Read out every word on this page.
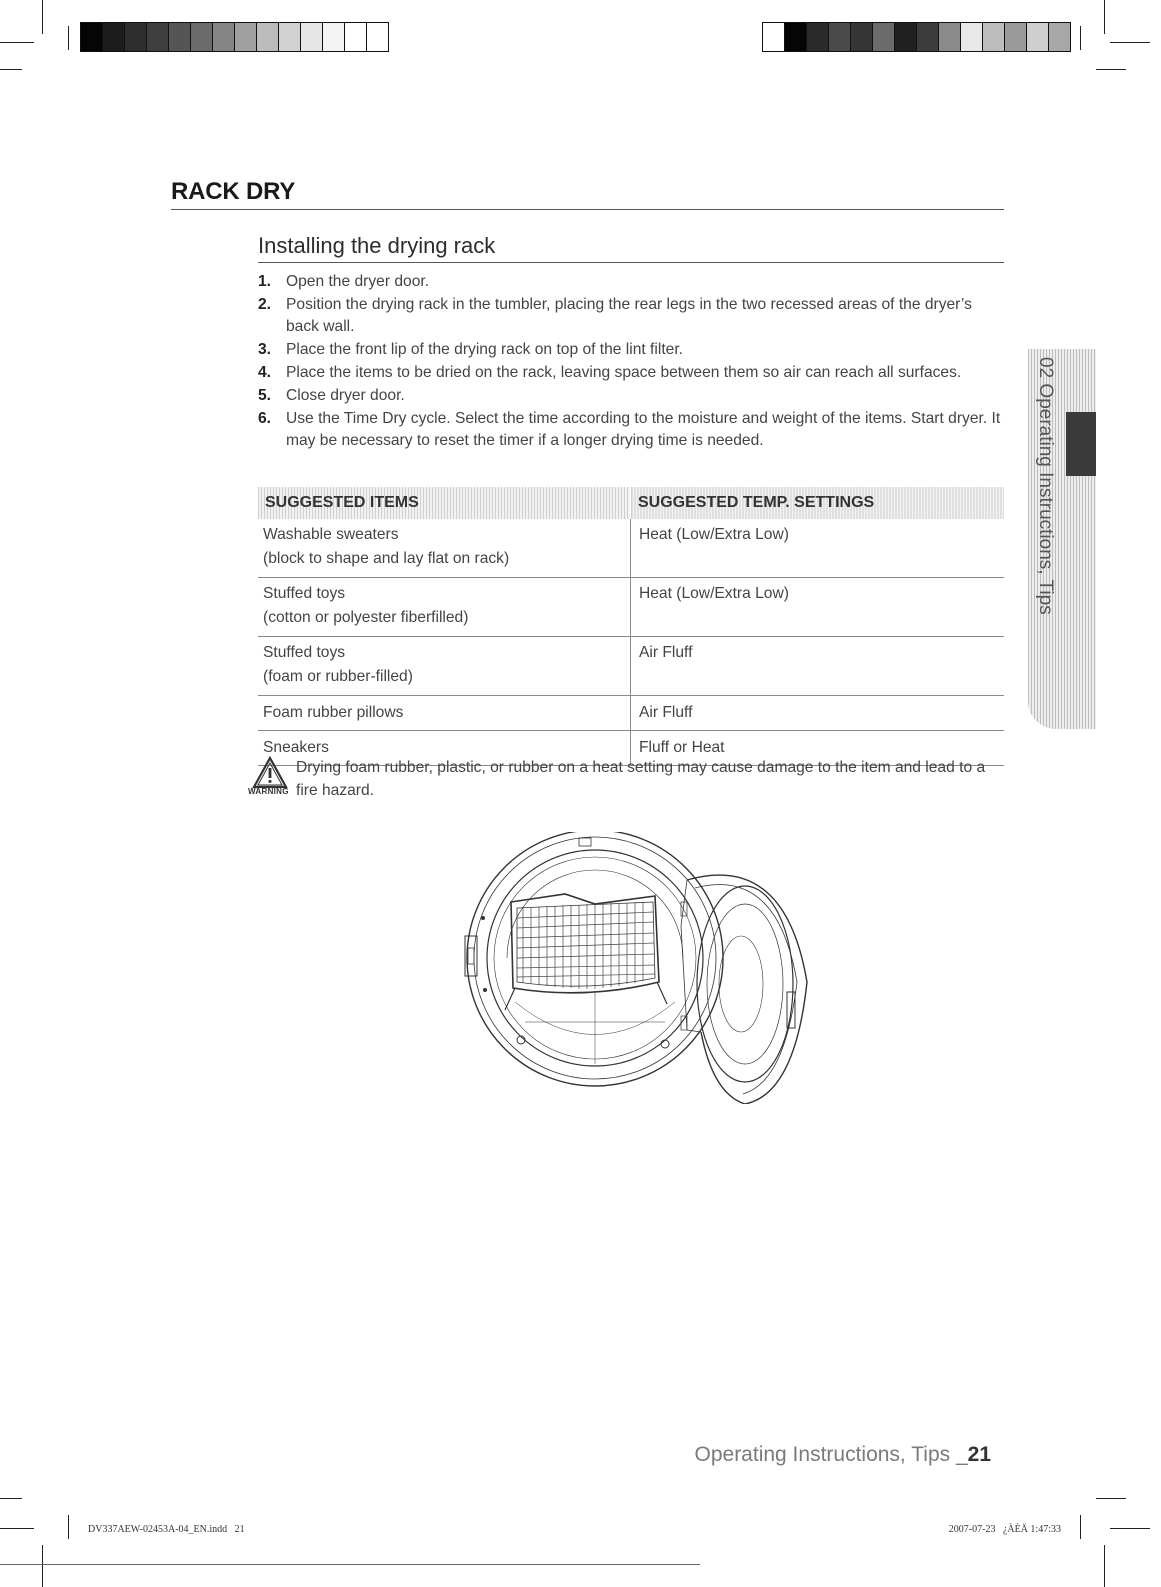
RACK DRY
Installing the drying rack
1. Open the dryer door.
2. Position the drying rack in the tumbler, placing the rear legs in the two recessed areas of the dryer’s back wall.
3. Place the front lip of the drying rack on top of the lint filter.
4. Place the items to be dried on the rack, leaving space between them so air can reach all surfaces.
5. Close dryer door.
6. Use the Time Dry cycle. Select the time according to the moisture and weight of the items. Start dryer. It may be necessary to reset the timer if a longer drying time is needed.
SUGGESTED ITEMS	SUGGESTED TEMP. SETTINGS

Washable sweaters
(block to shape and lay flat on rack)	Heat (Low/Extra Low)

Stuffed toys
(cotton or polyester fiberfilled)	Heat (Low/Extra Low)

Stuffed toys
(foam or rubber-filled)	Air Fluff

Foam rubber pillows	Air Fluff

Sneakers	Fluff or Heat
WARNING
Drying foam rubber, plastic, or rubber on a heat setting may cause damage to the item and lead to a fire hazard.
02 Operating Instructions, Tips
Operating Instructions, Tips _21
DV337AEW-02453A-04_EN.indd   21	2007-07-23   ¿ÀÈÄ 1:47:33
